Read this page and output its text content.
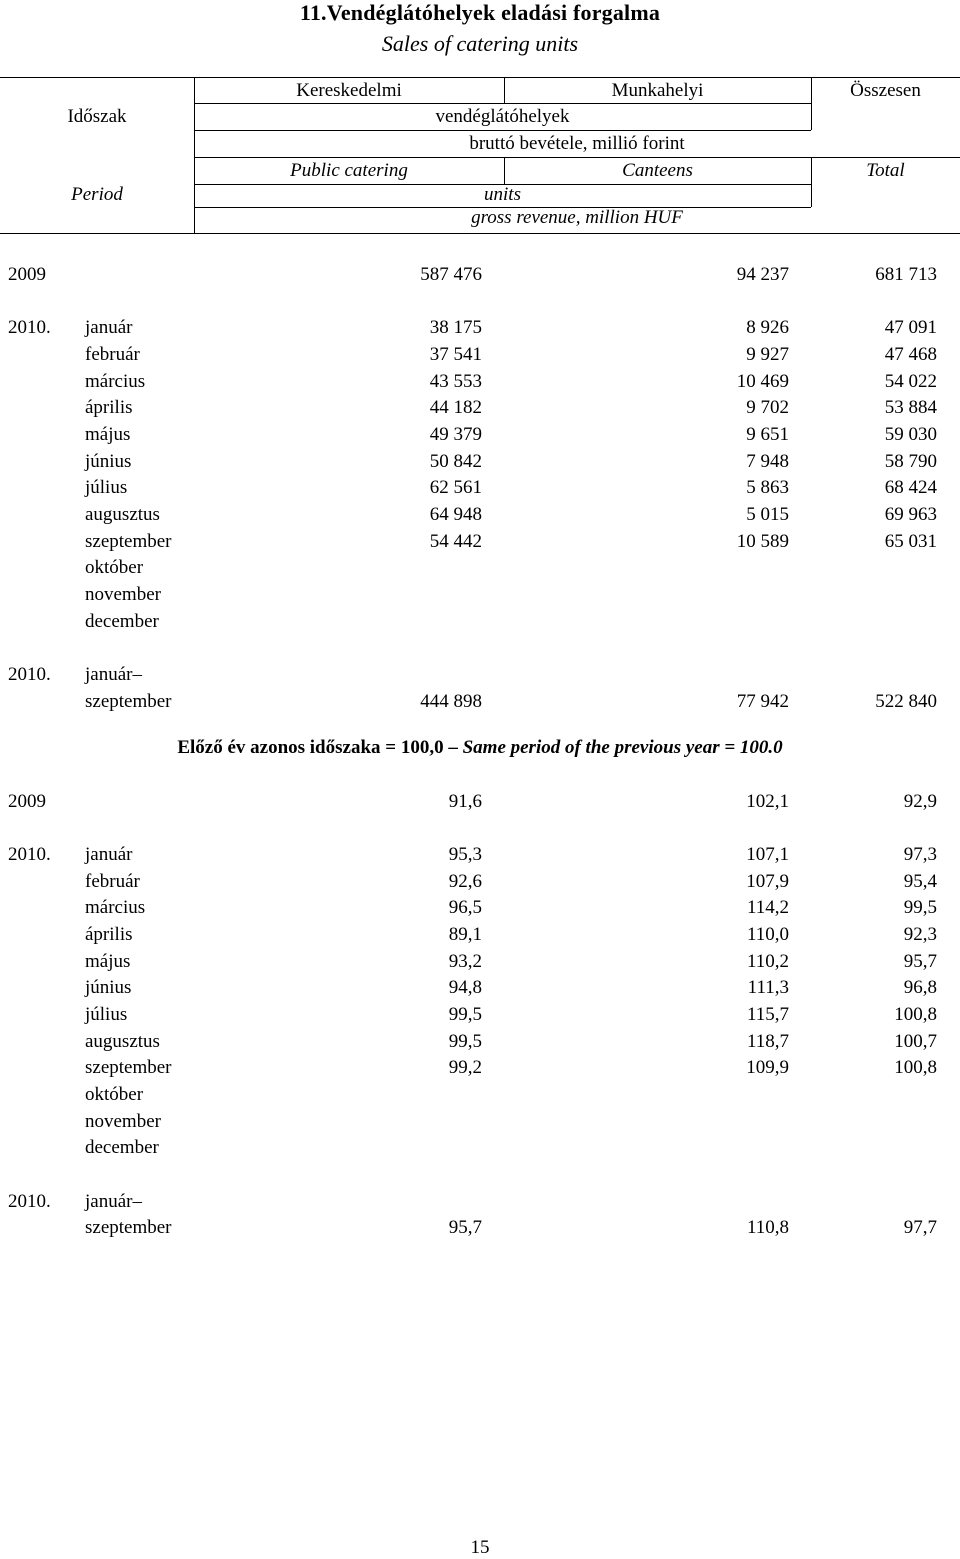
11.Vendéglátóhelyek eladási forgalma
Sales of catering units
Időszak
Period
Kereskedelmi	Munkahelyi	Összesen
vendéglátóhelyek
bruttó bevétele, millió forint
Public catering	Canteens	Total
units
gross revenue, million HUF
2009	587 476	94 237	681 713
2010. január	38 175	8 926	47 091
február	37 541	9 927	47 468
március	43 553	10 469	54 022
április	44 182	9 702	53 884
május	49 379	9 651	59 030
június	50 842	7 948	58 790
július	62 561	5 863	68 424
augusztus	64 948	5 015	69 963
szeptember	54 442	10 589	65 031
október
november
december
2010. január–
szeptember	444 898	77 942	522 840
Előző év azonos időszaka = 100,0 – Same period of the previous year = 100.0
2009	91,6	102,1	92,9
2010. január	95,3	107,1	97,3
február	92,6	107,9	95,4
március	96,5	114,2	99,5
április	89,1	110,0	92,3
május	93,2	110,2	95,7
június	94,8	111,3	96,8
július	99,5	115,7	100,8
augusztus	99,5	118,7	100,7
szeptember	99,2	109,9	100,8
október
november
december
2010. január–
szeptember	95,7	110,8	97,7
15
